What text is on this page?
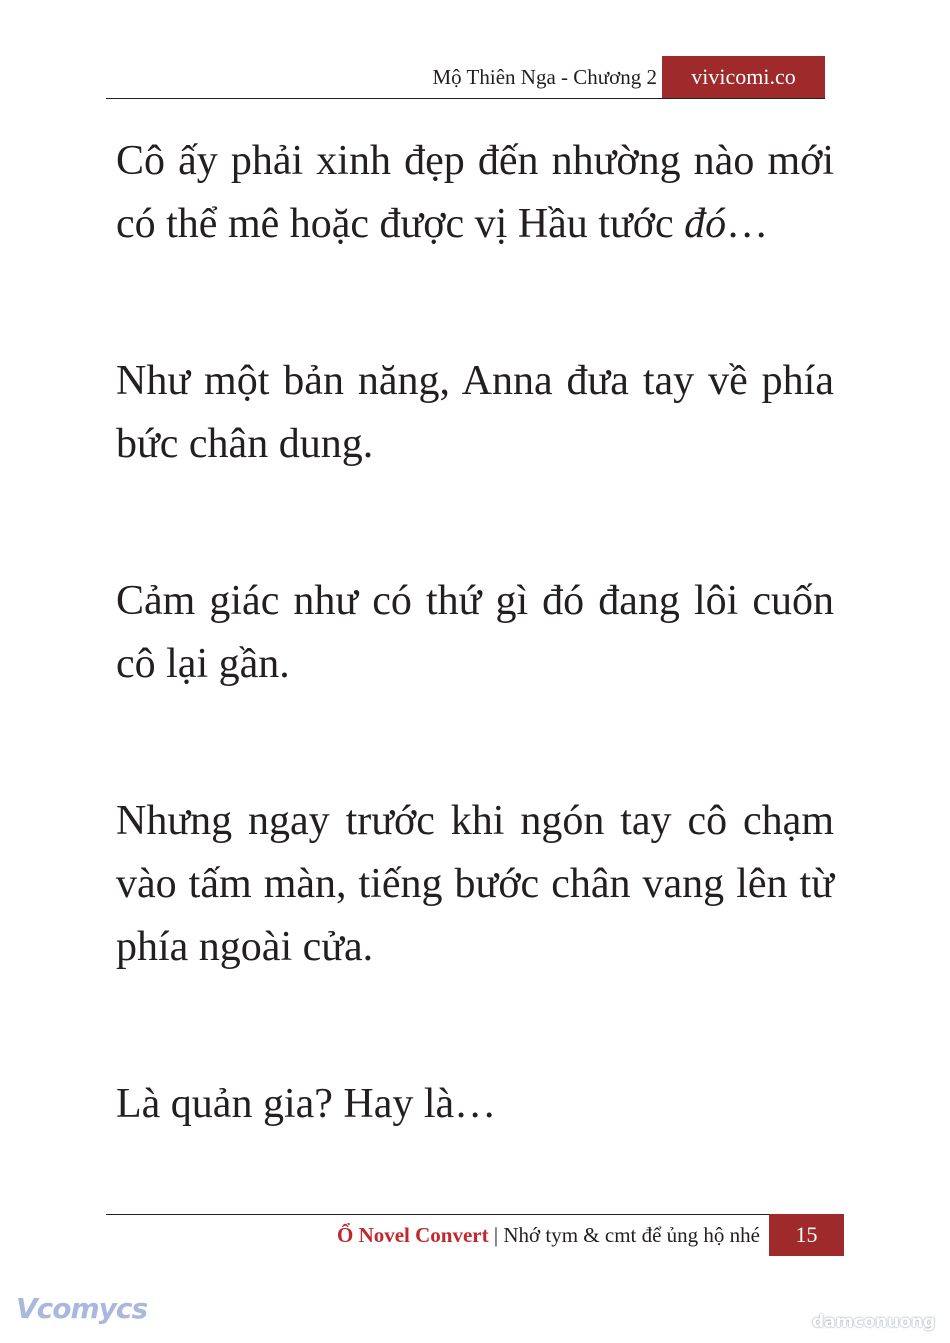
Mộ Thiên Nga - Chương 2	vivicomi.co

Cô ấy phải xinh đẹp đến nhường nào mới có thể mê hoặc được vị Hầu tước đó…

Như một bản năng, Anna đưa tay về phía bức chân dung.

Cảm giác như có thứ gì đó đang lôi cuốn cô lại gần.

Nhưng ngay trước khi ngón tay cô chạm vào tấm màn, tiếng bước chân vang lên từ phía ngoài cửa.

Là quản gia? Hay là…

Ổ Novel Convert | Nhớ tym & cmt để ủng hộ nhé	15
Vcomycs	damconuong
